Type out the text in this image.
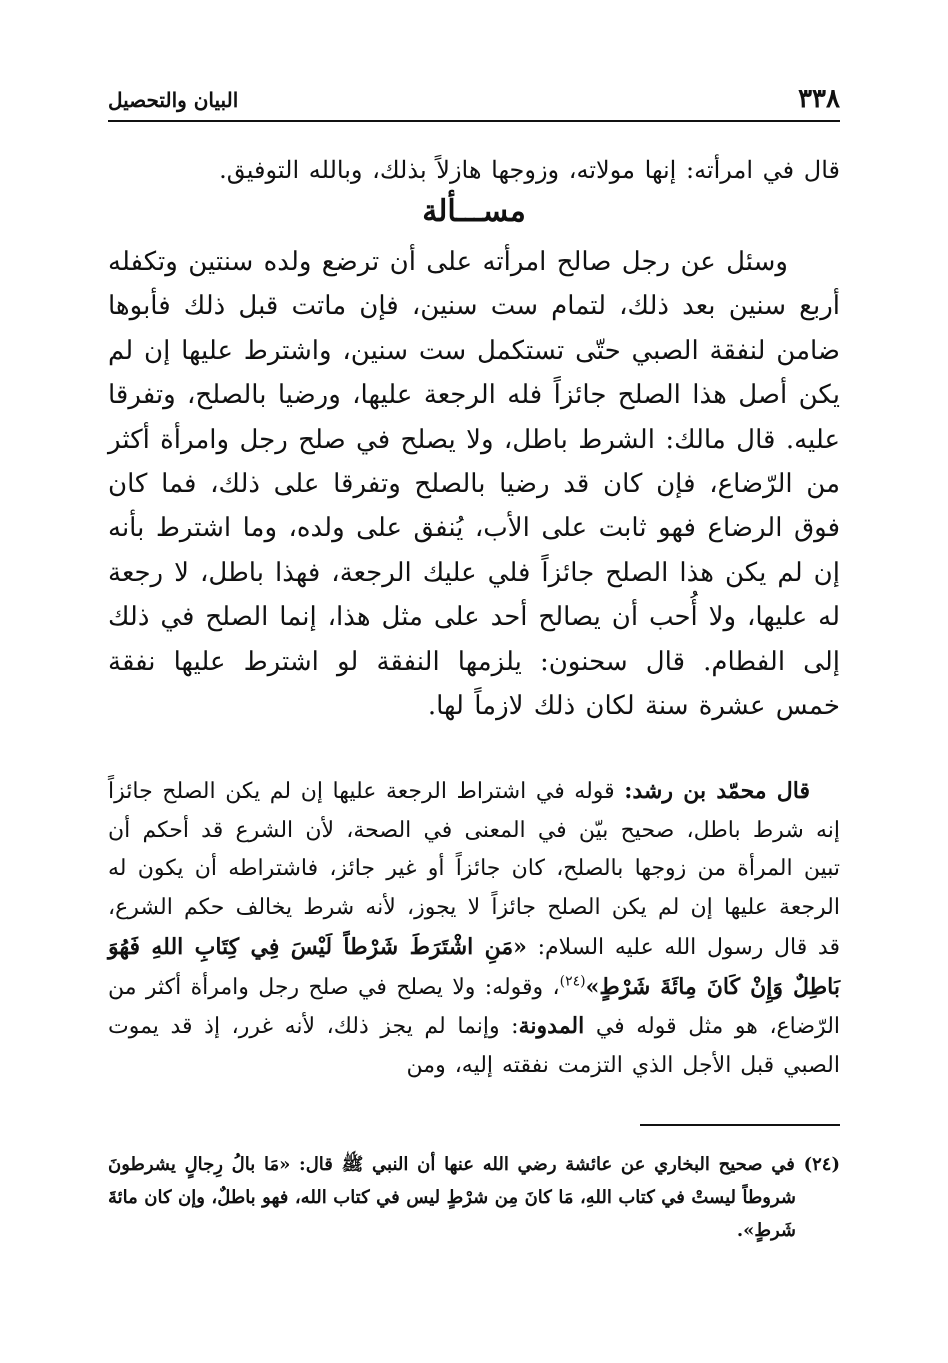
٣٣٨
البيان والتحصيل

قال في امرأته: إنها مولاته، وزوجها هازلاً بذلك، وبالله التوفيق.

مســـألة

وسئل عن رجل صالح امرأته على أن ترضع ولده سنتين وتكفله أربع سنين بعد ذلك، لتمام ست سنين، فإن ماتت قبل ذلك فأبوها ضامن لنفقة الصبي حتّى تستكمل ست سنين، واشترط عليها إن لم يكن أصل هذا الصلح جائزاً فله الرجعة عليها، ورضيا بالصلح، وتفرقا عليه. قال مالك: الشرط باطل، ولا يصلح في صلح رجل وامرأة أكثر من الرّضاع، فإن كان قد رضيا بالصلح وتفرقا على ذلك، فما كان فوق الرضاع فهو ثابت على الأب، يُنفق على ولده، وما اشترط بأنه إن لم يكن هذا الصلح جائزاً فلي عليك الرجعة، فهذا باطل، لا رجعة له عليها، ولا أُحب أن يصالح أحد على مثل هذا، إنما الصلح في ذلك إلى الفطام. قال سحنون: يلزمها النفقة لو اشترط عليها نفقة خمس عشرة سنة لكان ذلك لازماً لها.

قال محمّد بن رشد: قوله في اشتراط الرجعة عليها إن لم يكن الصلح جائزاً إنه شرط باطل، صحيح بيّن في المعنى في الصحة، لأن الشرع قد أحكم أن تبين المرأة من زوجها بالصلح، كان جائزاً أو غير جائز، فاشتراطه أن يكون له الرجعة عليها إن لم يكن الصلح جائزاً لا يجوز، لأنه شرط يخالف حكم الشرع، قد قال رسول الله عليه السلام: «مَنِ اشْتَرَطَ شَرْطاً لَيْسَ فِي كِتَابِ اللهِ فَهُوَ بَاطِلٌ وَإِنْ كَانَ مِائَةَ شَرْطٍ»$^{(٢٤)}$، وقوله: ولا يصلح في صلح رجل وامرأة أكثر من الرّضاع، هو مثل قوله في المدونة: وإنما لم يجز ذلك، لأنه غرر، إذ قد يموت الصبي قبل الأجل الذي التزمت نفقته إليه، ومن

(٢٤) في صحيح البخاري عن عائشة رضي الله عنها أن النبي ﷺ قال: «مَا بالُ رِجالٍ يشرطونَ شروطاً ليستْ في كتاب اللهِ، مَا كانَ مِن شرْطٍ ليس في كتاب الله، فهو باطلٌ، وإن كان مائةَ شَرطٍ».
